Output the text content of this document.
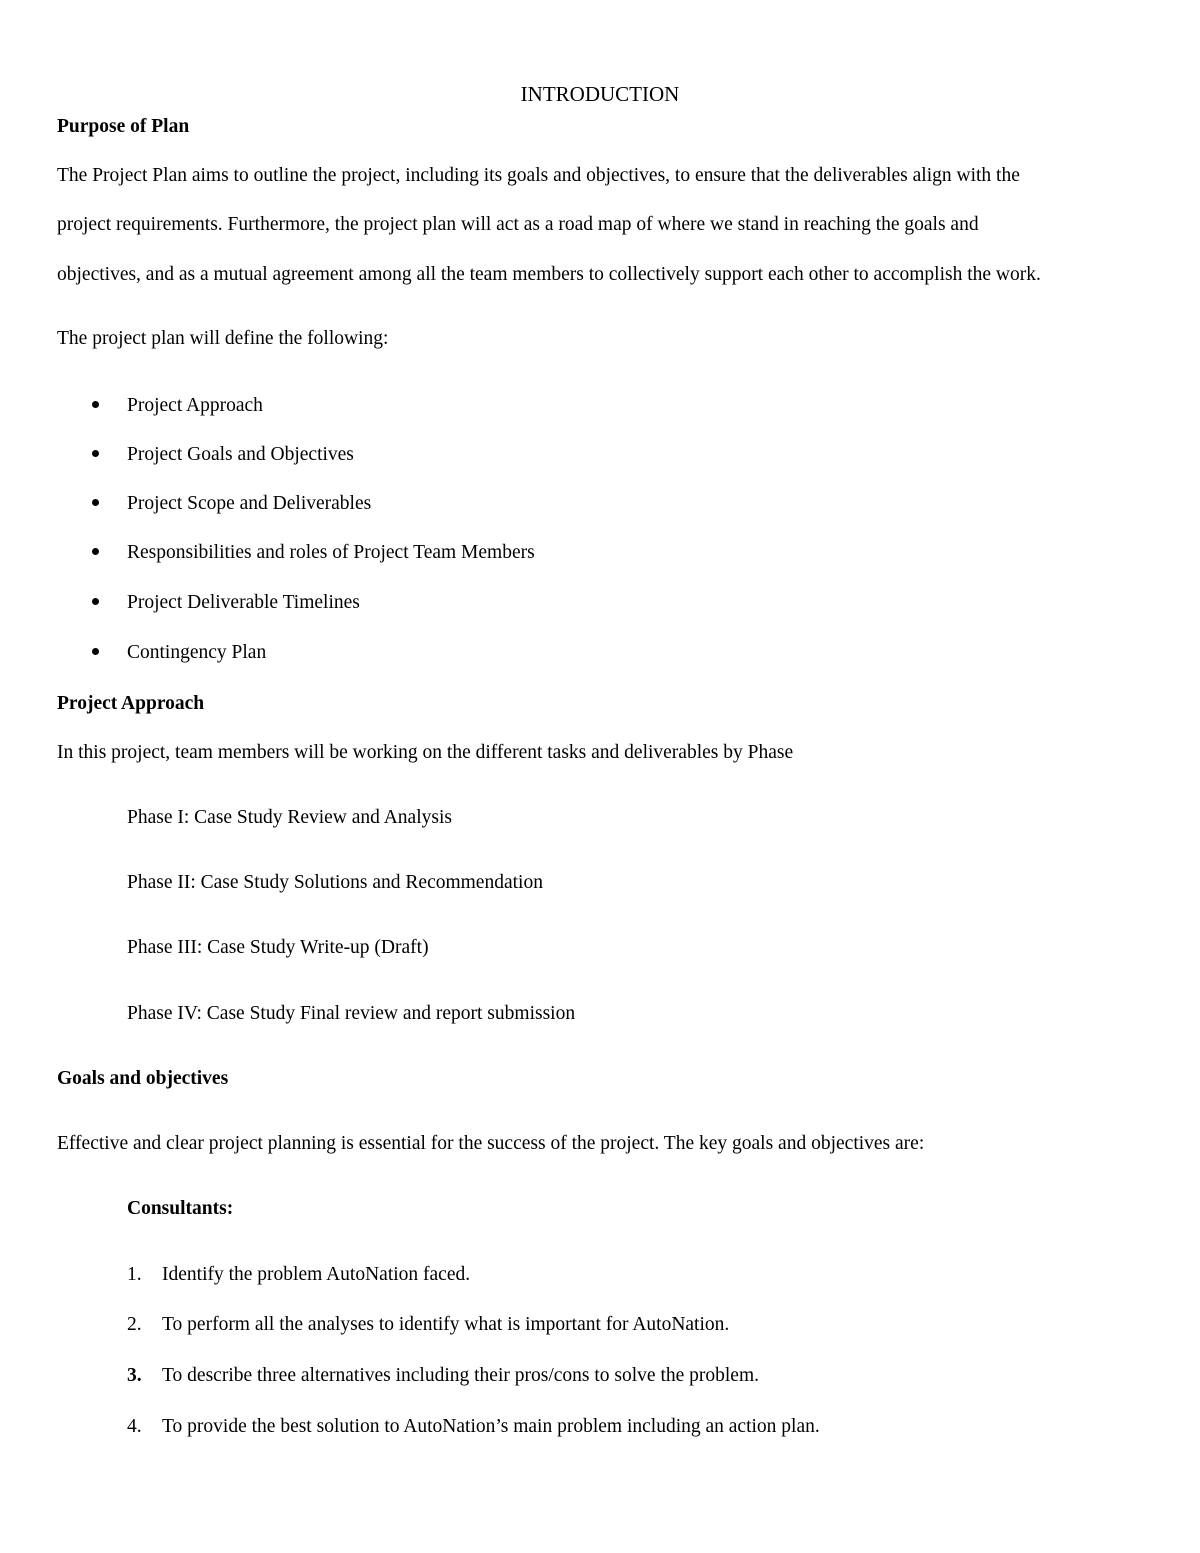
INTRODUCTION

Purpose of Plan

The Project Plan aims to outline the project, including its goals and objectives, to ensure that the deliverables align with the

project requirements. Furthermore, the project plan will act as a road map of where we stand in reaching the goals and

objectives, and as a mutual agreement among all the team members to collectively support each other to accomplish the work.

The project plan will define the following:

Project Approach

Project Goals and Objectives

Project Scope and Deliverables

Responsibilities and roles of Project Team Members

Project Deliverable Timelines

Contingency Plan

Project Approach

In this project, team members will be working on the different tasks and deliverables by Phase

Phase I: Case Study Review and Analysis

Phase II: Case Study Solutions and Recommendation

Phase III: Case Study Write-up (Draft)

Phase IV: Case Study Final review and report submission

Goals and objectives

Effective and clear project planning is essential for the success of the project. The key goals and objectives are:

Consultants:

1. Identify the problem AutoNation faced.

2. To perform all the analyses to identify what is important for AutoNation.

3. To describe three alternatives including their pros/cons to solve the problem.

4. To provide the best solution to AutoNation’s main problem including an action plan.
